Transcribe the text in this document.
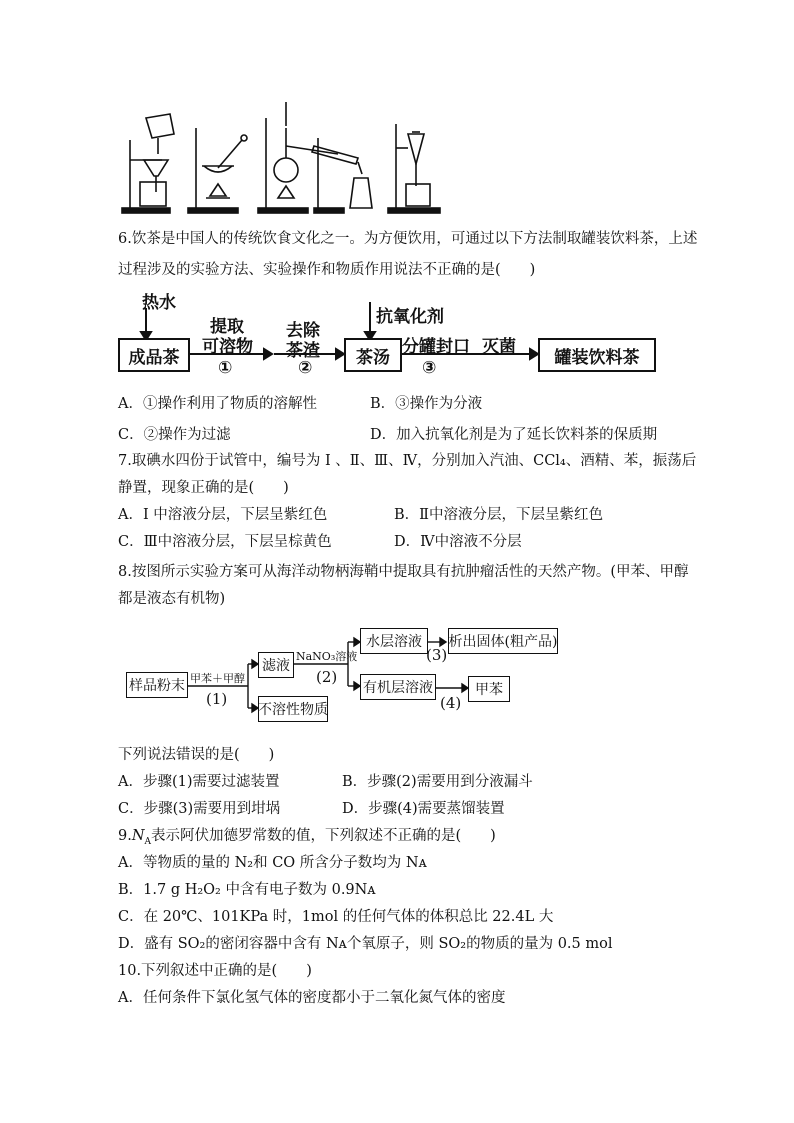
6.饮茶是中国人的传统饮食文化之一。为方便饮用，可通过以下方法制取罐装饮料茶，上述
过程涉及的实验方法、实验操作和物质作用说法不正确的是(　　)
热水
抗氧化剂
成品茶
提取
可溶物
①
去除
茶渣
②
茶汤
分罐封口 灭菌
③
罐装饮料茶
A．①操作利用了物质的溶解性	B．③操作为分液
C．②操作为过滤	D．加入抗氧化剂是为了延长饮料茶的保质期
7.取碘水四份于试管中，编号为 Ⅰ 、Ⅱ、Ⅲ、Ⅳ，分别加入汽油、CCl₄、酒精、苯，振荡后
静置，现象正确的是(　　)
A．Ⅰ 中溶液分层，下层呈紫红色	B．Ⅱ中溶液分层，下层呈紫红色
C．Ⅲ中溶液分层，下层呈棕黄色	D．Ⅳ中溶液不分层
8.按图所示实验方案可从海洋动物柄海鞘中提取具有抗肿瘤活性的天然产物。(甲苯、甲醇
都是液态有机物)
样品粉末 甲苯＋甲醇
(1)
滤液
不溶性物质
NaNO₃溶液
(2)
水层溶液
有机层溶液
(3)
(4)
析出固体(粗产品)
甲苯
下列说法错误的是(　　)
A．步骤(1)需要过滤装置	B．步骤(2)需要用到分液漏斗
C．步骤(3)需要用到坩埚	D．步骤(4)需要蒸馏装置
$9.N_A$表示阿伏加德罗常数的值，下列叙述不正确的是(　　)
A．等物质的量的 N₂和 CO 所含分子数均为 Nᴀ
B．1.7 g H₂O₂ 中含有电子数为 0.9Nᴀ
C．在 20℃、101KPa 时，1mol 的任何气体的体积总比 22.4L 大
D．盛有 SO₂的密闭容器中含有 Nᴀ个氧原子，则 SO₂的物质的量为 0.5 mol
10.下列叙述中正确的是(　　)
A．任何条件下氯化氢气体的密度都小于二氧化氮气体的密度
